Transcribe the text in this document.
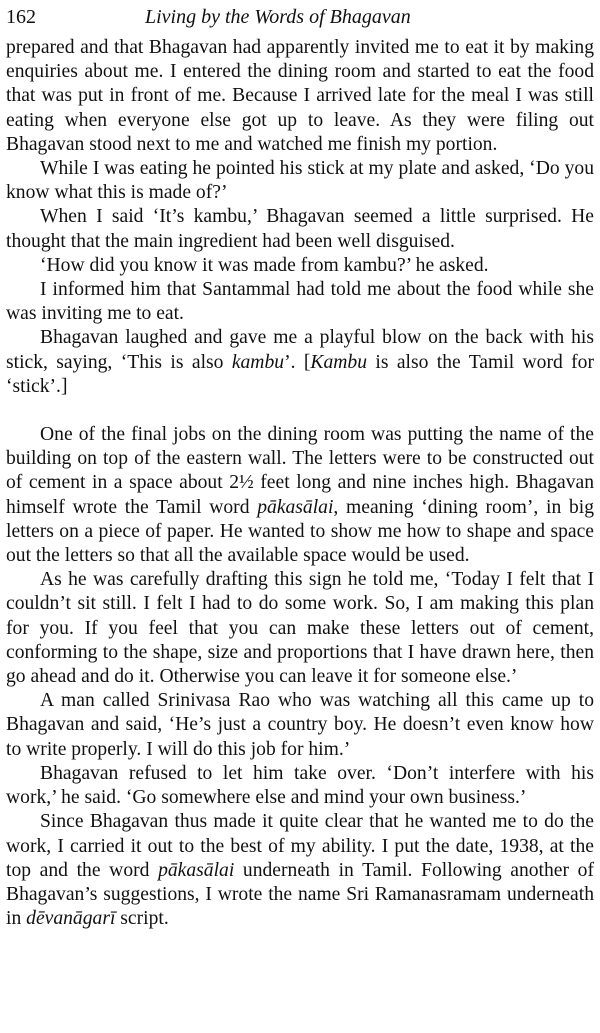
162	Living by the Words of Bhagavan

prepared and that Bhagavan had apparently invited me to eat it by making enquiries about me. I entered the dining room and started to eat the food that was put in front of me. Because I arrived late for the meal I was still eating when everyone else got up to leave. As they were filing out Bhagavan stood next to me and watched me finish my portion.

While I was eating he pointed his stick at my plate and asked, ‘Do you know what this is made of?’

When I said ‘It’s kambu,’ Bhagavan seemed a little surprised. He thought that the main ingredient had been well disguised.

‘How did you know it was made from kambu?’ he asked.

I informed him that Santammal had told me about the food while she was inviting me to eat.

Bhagavan laughed and gave me a playful blow on the back with his stick, saying, ‘This is also kambu’. [Kambu is also the Tamil word for ‘stick’.]

One of the final jobs on the dining room was putting the name of the building on top of the eastern wall. The letters were to be constructed out of cement in a space about 2½ feet long and nine inches high. Bhagavan himself wrote the Tamil word pākasālai, meaning ‘dining room’, in big letters on a piece of paper. He wanted to show me how to shape and space out the letters so that all the available space would be used.

As he was carefully drafting this sign he told me, ‘Today I felt that I couldn’t sit still. I felt I had to do some work. So, I am making this plan for you. If you feel that you can make these letters out of cement, conforming to the shape, size and proportions that I have drawn here, then go ahead and do it. Otherwise you can leave it for someone else.’

A man called Srinivasa Rao who was watching all this came up to Bhagavan and said, ‘He’s just a country boy. He doesn’t even know how to write properly. I will do this job for him.’

Bhagavan refused to let him take over. ‘Don’t interfere with his work,’ he said. ‘Go somewhere else and mind your own business.’

Since Bhagavan thus made it quite clear that he wanted me to do the work, I carried it out to the best of my ability. I put the date, 1938, at the top and the word pākasālai underneath in Tamil. Following another of Bhagavan’s suggestions, I wrote the name Sri Ramanasramam underneath in dēvanāgarī script.
